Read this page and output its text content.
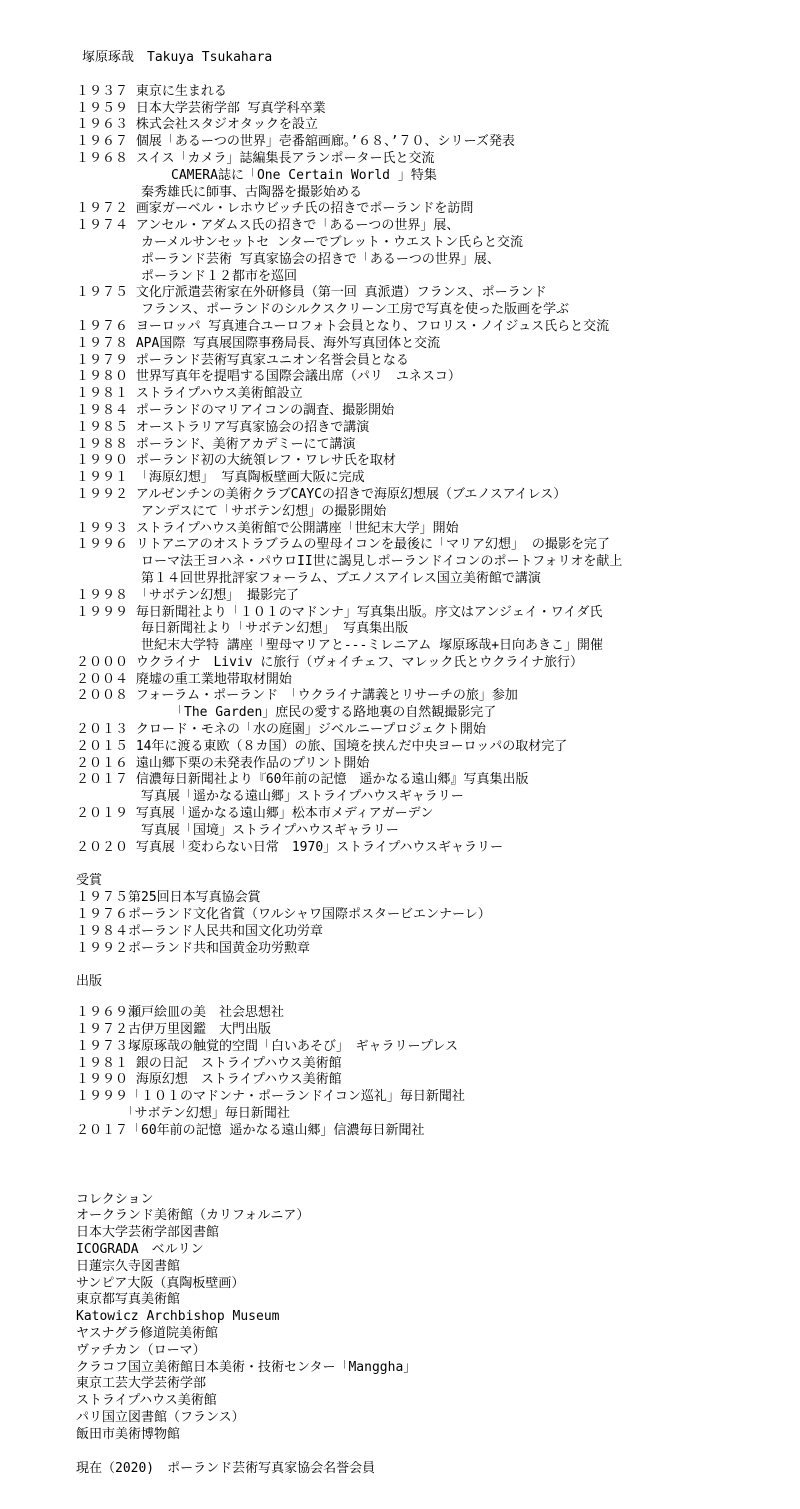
塚原琢哉　Takuya Tsukahara
１９３７ 東京に生まれる
１９５９ 日本大学芸術学部 写真学科卒業
１９６３ 株式会社スタジオタックを設立
１９６７ 個展「あるーつの世界」壱番舘画廊。’６８、’７０、シリーズ発表
１９６８ スイス「カメラ」誌編集長アランポーター氏と交流
CAMERA誌に「One Certain World 」特集
秦秀雄氏に師事、古陶器を撮影始める
１９７２ 画家ガーベル・レホウビッチ氏の招きでポーランドを訪問
１９７４ アンセル・アダムス氏の招きで「あるーつの世界」展、
カーメルサンセットセ ンターでブレット・ウエストン氏らと交流
ポーランド芸術 写真家協会の招きで「あるーつの世界」展、
ポーランド１２都市を巡回
１９７５ 文化庁派遣芸術家在外研修員（第一回 真派遣）フランス、ポーランド
フランス、ポーランドのシルクスクリーン工房で写真を使った版画を学ぶ
１９７６ ヨーロッパ 写真連合ユーロフォト会員となり、フロリス・ノイジュス氏らと交流
１９７８ APA国際 写真展国際事務局長、海外写真団体と交流
１９７９ ポーランド芸術写真家ユニオン名誉会員となる
１９８０ 世界写真年を提唱する国際会議出席（パリ　ユネスコ）
１９８１ ストライプハウス美術館設立
１９８４ ポーランドのマリアイコンの調査、撮影開始
１９８５ オーストラリア写真家協会の招きで講演
１９８８ ポーランド、美術アカデミーにて講演
１９９０ ポーランド初の大統領レフ・ワレサ氏を取材
１９９１ 「海原幻想」 写真陶板壁画大阪に完成
１９９２ アルゼンチンの美術クラブCAYCの招きで海原幻想展（ブエノスアイレス）
アンデスにて「サボテン幻想」の撮影開始
１９９３ ストライプハウス美術館で公開講座「世紀末大学」開始
１９９６ リトアニアのオストラブラムの聖母イコンを最後に「マリア幻想」 の撮影を完了
ローマ法王ヨハネ・パウロII世に謁見しポーランドイコンのポートフォリオを献上
第１４回世界批評家フォーラム、ブエノスアイレス国立美術館で講演
１９９８ 「サボテン幻想」 撮影完了
１９９９ 毎日新聞社より「１０１のマドンナ」写真集出版。序文はアンジェイ・ワイダ氏
毎日新聞社より「サボテン幻想」 写真集出版
世紀末大学特 講座「聖母マリアと---ミレニアム 塚原琢哉+日向あきこ」開催
２０００ ウクライナ　Liviv に旅行（ヴォイチェフ、マレック氏とウクライナ旅行）
２００４ 廃墟の重工業地帯取材開始
２００８ フォーラム・ポーランド　「ウクライナ講義とリサーチの旅」参加
「The Garden」庶民の愛する路地裏の自然観撮影完了
２０１３ クロード・モネの「水の庭園」ジベルニープロジェクト開始
２０１５ 14年に渡る東欧（８カ国）の旅、国境を挟んだ中央ヨーロッパの取材完了
２０１６ 遠山郷下栗の未発表作品のプリント開始
２０１７ 信濃毎日新聞社より『60年前の記憶　遥かなる遠山郷』写真集出版
写真展「遥かなる遠山郷」ストライプハウスギャラリー
２０１９ 写真展「遥かなる遠山郷」松本市メディアガーデン
写真展「国境」ストライプハウスギャラリー
２０２０ 写真展「変わらない日常　1970」ストライプハウスギャラリー
受賞
１９７５第25回日本写真協会賞
１９７６ポーランド文化省賞（ワルシャワ国際ポスタービエンナーレ）
１９８４ポーランド人民共和国文化功労章
１９９２ポーランド共和国黄金功労勲章
出版
１９６９瀬戸絵皿の美　社会思想社
１９７２古伊万里図鑑　大門出版
１９７３塚原琢哉の触覚的空間「白いあそび」　ギャラリープレス
１９８１ 銀の日記　ストライプハウス美術館
１９９０ 海原幻想　ストライプハウス美術館
１９９９「１０１のマドンナ・ポーランドイコン巡礼」毎日新聞社
　　　　「サボテン幻想」毎日新聞社
２０１７「60年前の記憶 遥かなる遠山郷」信濃毎日新聞社
コレクション
オークランド美術館（カリフォルニア）
日本大学芸術学部図書館
ICOGRADA　ベルリン
日蓮宗久寺図書館
サンピア大阪（真陶板壁画）
東京都写真美術館
Katowicz Archbishop Museum
ヤスナグラ修道院美術館
ヴァチカン（ローマ）
クラコフ国立美術館日本美術・技術センター「Manggha」
東京工芸大学芸術学部
ストライプハウス美術館
パリ国立図書館（フランス）
飯田市美術博物館
現在（2020)　ポーランド芸術写真家協会名誉会員
